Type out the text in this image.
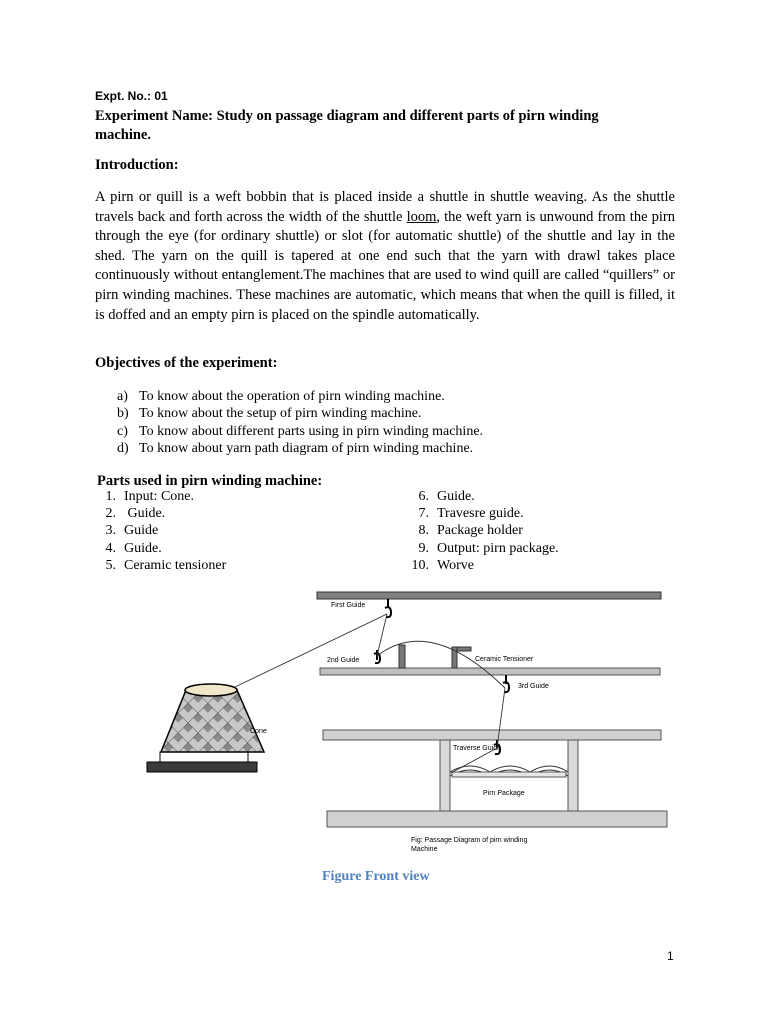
Expt. No.: 01
Experiment Name: Study on passage diagram and different parts of pirn winding
machine.
Introduction:
A pirn or quill is a weft bobbin that is placed inside a shuttle in shuttle weaving. As the shuttle travels back and forth across the width of the shuttle loom, the weft yarn is unwound from the pirn through the eye (for ordinary shuttle) or slot (for automatic shuttle) of the shuttle and lay in the shed. The yarn on the quill is tapered at one end such that the yarn with drawl takes place continuously without entanglement.The machines that are used to wind quill are called “quillers” or pirn winding machines. These machines are automatic, which means that when the quill is filled, it is doffed and an empty pirn is placed on the spindle automatically.
Objectives of the experiment:
a) To know about the operation of pirn winding machine.
b) To know about the setup of pirn winding machine.
c) To know about different parts using in pirn winding machine.
d) To know about yarn path diagram of pirn winding machine.
Parts used in pirn winding machine:
1. Input: Cone.
2. Guide.
3. Guide
4. Guide.
5. Ceramic tensioner
6. Guide.
7. Travesre guide.
8. Package holder
9. Output: pirn package.
10. Worve
First Guide
2nd Guide	Ceramic Tensioner
3rd Guide
Cone
Traverse Guide
Pirn Package
Fig: Passage Diagram of pirn winding
Machine
Figure Front view
1
